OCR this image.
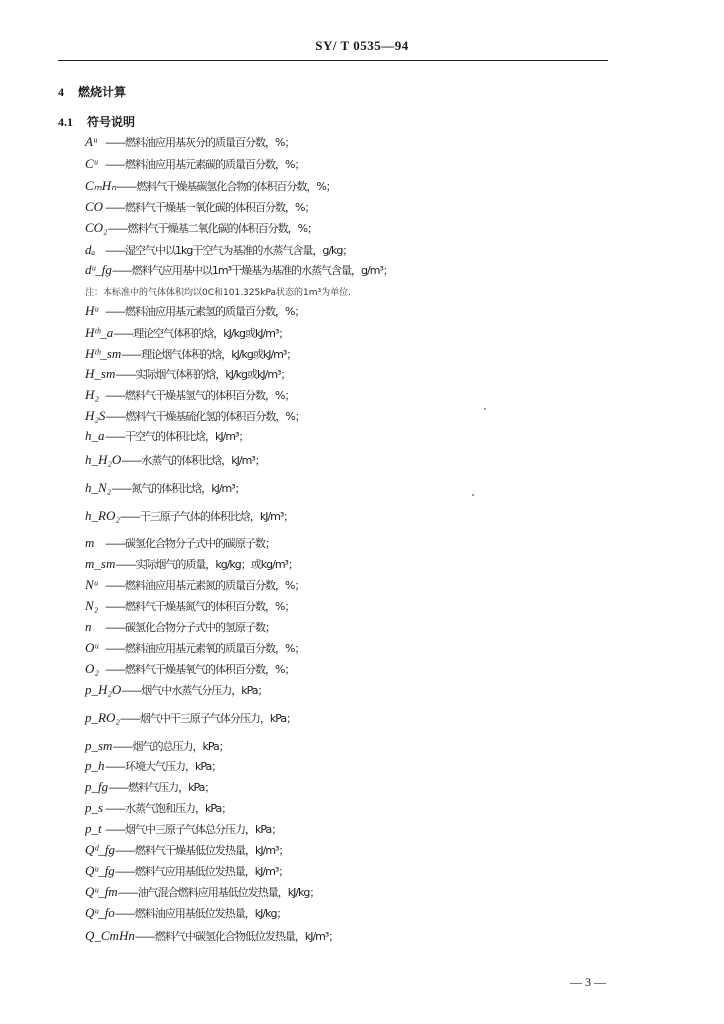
SY/ T 0535—94
4 燃烧计算
4.1 符号说明
Aᵘ ——燃料油应用基灰分的质量百分数，%；
Cᵘ ——燃料油应用基元素碳的质量百分数，%；
CₘHₙ——燃料气干燥基碳氢化合物的体积百分数，%；
CO ——燃料气干燥基一氧化碳的体积百分数，%；
CO₂——燃料气干燥基二氧化碳的体积百分数，%；
dₐ ——湿空气中以1kg干空气为基准的水蒸气含量，g/kg；
dᵘ_fg——燃料气应用基中以1m³干燥基为基准的水蒸气含量，g/m³；
注：本标准中的气体体积均以0C和101.325kPa状态的1m³为单位.
Hᵘ ——燃料油应用基元素氢的质量百分数，%；
Hᵗʰ_a——理论空气体积的焓，kJ/kg或kJ/m³；
Hᵗʰ_sm——理论烟气体积的焓，kJ/kg或kJ/m³；
H_sm——实际烟气体积的焓，kJ/kg或kJ/m³；
H₂ ——燃料气干燥基氢气的体积百分数，%；
H₂S——燃料气干燥基硫化氢的体积百分数，%；
h_a——干空气的体积比焓，kJ/m³；
h_H₂O——水蒸气的体积比焓，kJ/m³；
h_N₂——氮气的体积比焓，kJ/m³；
h_RO₂——干三原子气体的体积比焓，kJ/m³；
m ——碳氢化合物分子式中的碳原子数；
m_sm——实际烟气的质量，kg/kg；或kg/m³；
Nᵘ ——燃料油应用基元素氮的质量百分数，%；
N₂ ——燃料气干燥基氮气的体积百分数，%；
n ——碳氢化合物分子式中的氢原子数；
Oᵘ ——燃料油应用基元素氧的质量百分数，%；
O₂ ——燃料气干燥基氧气的体积百分数，%；
p_H₂O——烟气中水蒸气分压力，kPa；
p_RO₂——烟气中干三原子气体分压力，kPa；
p_sm——烟气的总压力，kPa；
p_h——环境大气压力，kPa；
p_fg——燃料气压力，kPa；
p_s ——水蒸气饱和压力，kPa；
p_t ——烟气中三原子气体总分压力，kPa；
Qᵈ_fg——燃料气干燥基低位发热量，kJ/m³；
Qᵘ_fg——燃料气应用基低位发热量，kJ/m³；
Qᵘ_fm——油气混合燃料应用基低位发热量，kJ/kg；
Qᵘ_fo——燃料油应用基低位发热量，kJ/kg；
Q_CmHn——燃料气中碳氢化合物低位发热量，kJ/m³；
— 3 —
